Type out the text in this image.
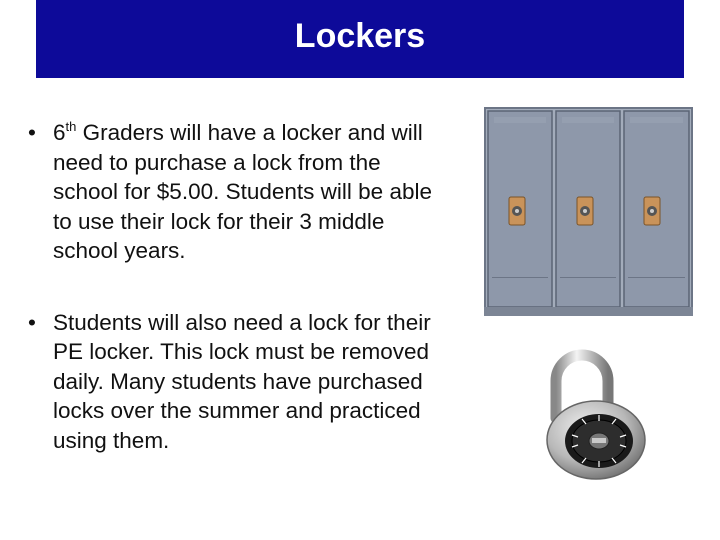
Lockers
• 6th Graders will have a locker and will need to purchase a lock from the school for $5.00. Students will be able to use their lock for their 3 middle school years.
• Students will also need a lock for their PE locker. This lock must be removed daily. Many students have purchased locks over the summer and practiced using them.
